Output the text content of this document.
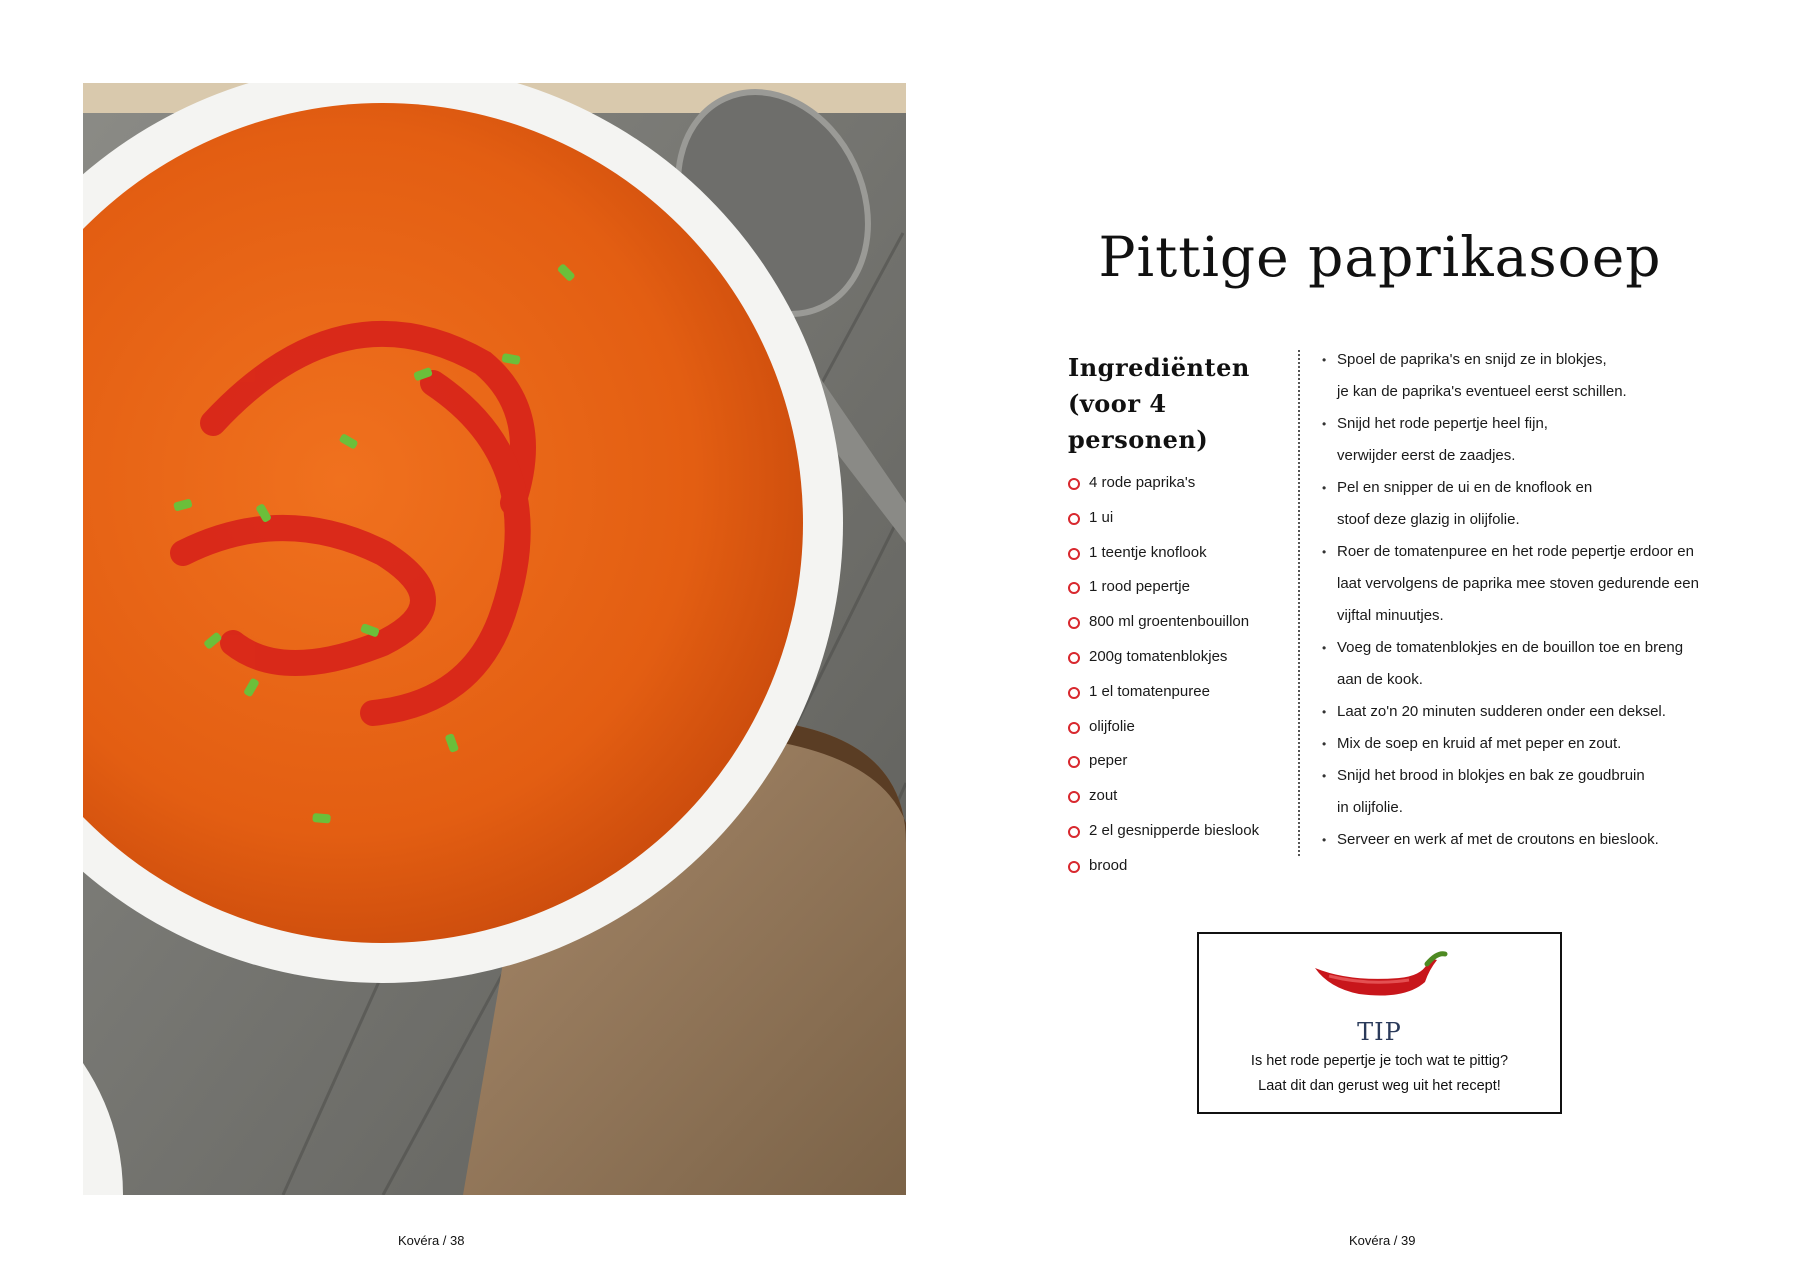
Pittige paprikasoep
Ingrediënten
(voor 4 personen)
4 rode paprika's
1 ui
1 teentje knoflook
1 rood pepertje
800 ml groentenbouillon
200g tomatenblokjes
1 el tomatenpuree
olijfolie
peper
zout
2 el gesnipperde bieslook
brood
• Spoel de paprika's en snijd ze in blokjes,
je kan de paprika's eventueel eerst schillen.
• Snijd het rode pepertje heel fijn,
verwijder eerst de zaadjes.
• Pel en snipper de ui en de knoflook en
stoof deze glazig in olijfolie.
• Roer de tomatenpuree en het rode pepertje erdoor en
laat vervolgens de paprika mee stoven gedurende een
vijftal minuutjes.
• Voeg de tomatenblokjes en de bouillon toe en breng
aan de kook.
• Laat zo'n 20 minuten sudderen onder een deksel.
• Mix de soep en kruid af met peper en zout.
• Snijd het brood in blokjes en bak ze goudbruin
in olijfolie.
• Serveer en werk af met de croutons en bieslook.
TIP
Is het rode pepertje je toch wat te pittig?
Laat dit dan gerust weg uit het recept!
Kovéra / 38	Kovéra / 39
